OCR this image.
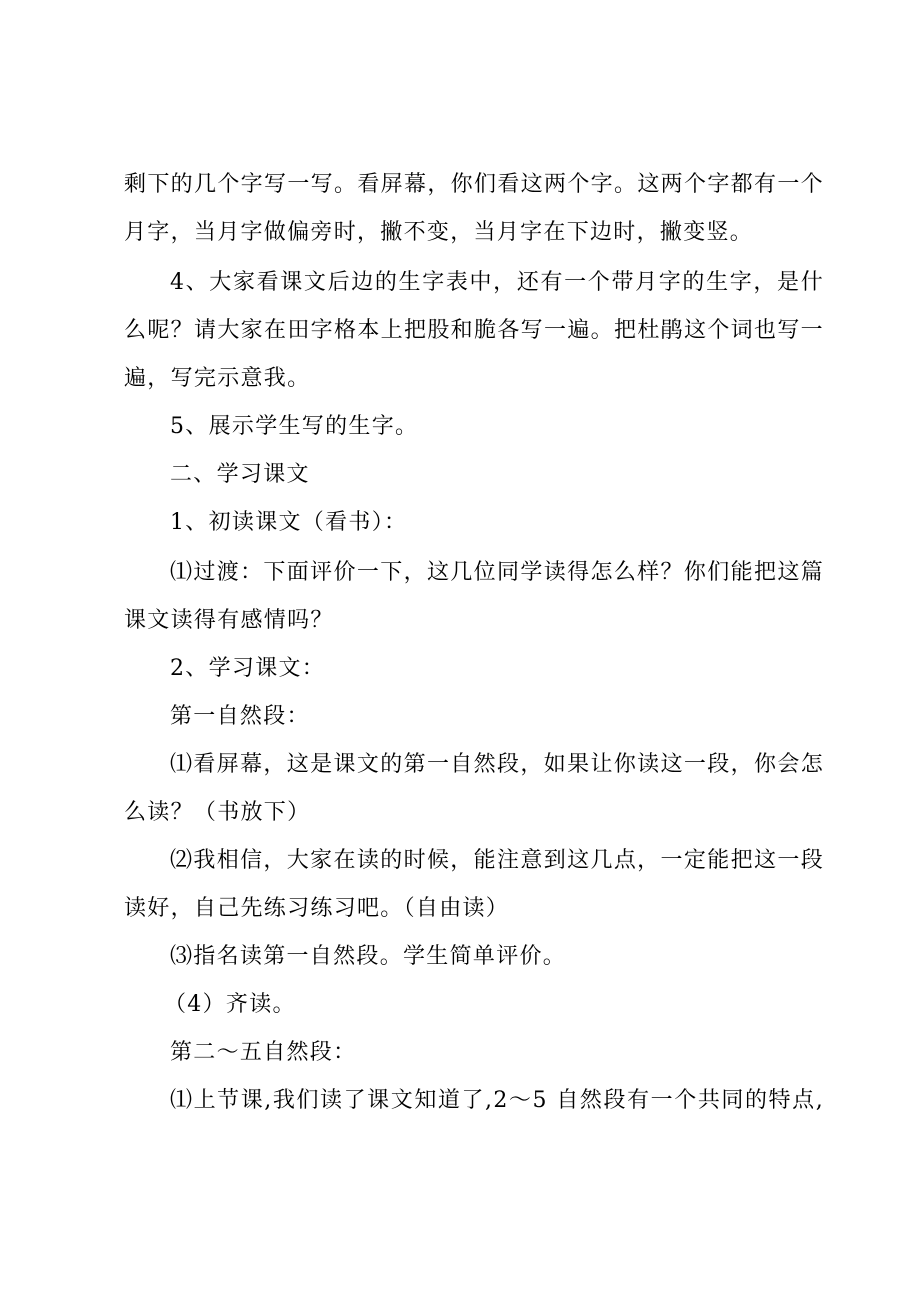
剩下的几个字写一写。看屏幕，你们看这两个字。这两个字都有一个
月字，当月字做偏旁时，撇不变，当月字在下边时，撇变竖。
4、大家看课文后边的生字表中，还有一个带月字的生字，是什
么呢？请大家在田字格本上把股和脆各写一遍。把杜鹃这个词也写一
遍，写完示意我。
5、展示学生写的生字。
二、学习课文
1、初读课文（看书）：
⑴过渡：下面评价一下，这几位同学读得怎么样？你们能把这篇
课文读得有感情吗？
2、学习课文：
第一自然段：
⑴看屏幕，这是课文的第一自然段，如果让你读这一段，你会怎
么读？（书放下）
⑵我相信，大家在读的时候，能注意到这几点，一定能把这一段
读好，自己先练习练习吧。（自由读）
⑶指名读第一自然段。学生简单评价。
（4）齐读。
第二～五自然段：
⑴上节课,我们读了课文知道了,2～5 自然段有一个共同的特点,
